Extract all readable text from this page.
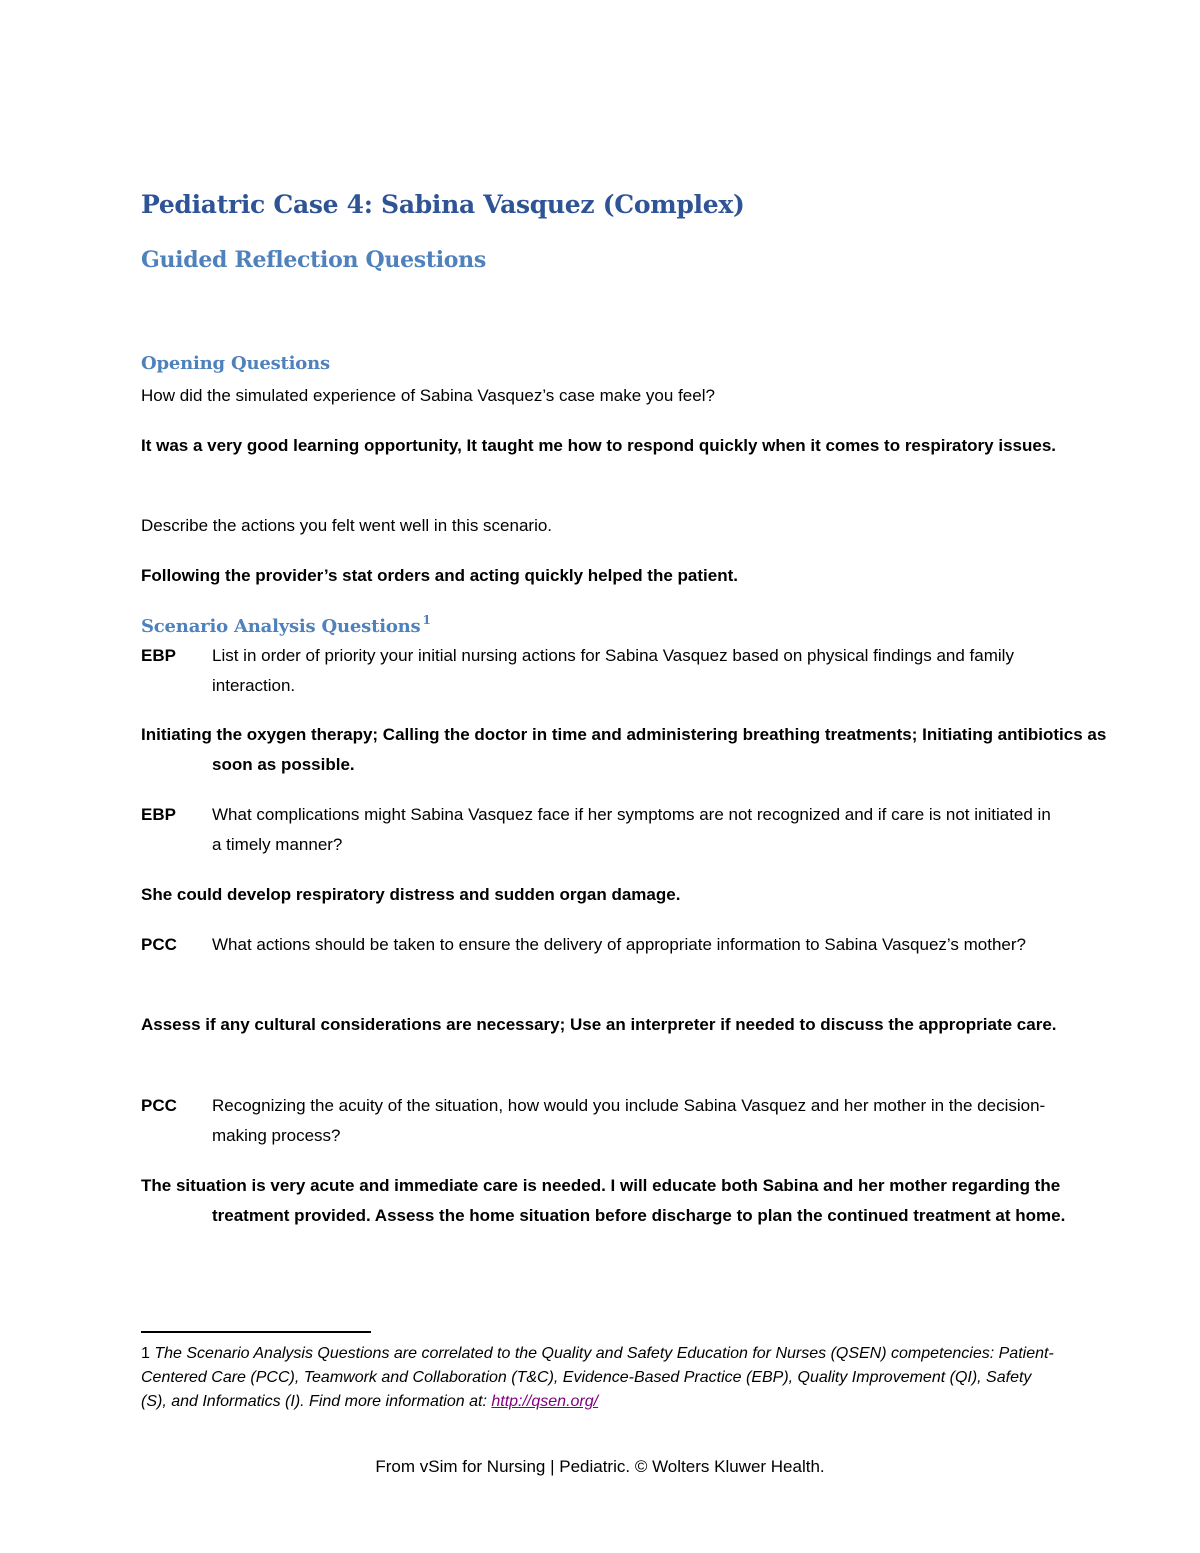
Pediatric Case 4: Sabina Vasquez (Complex)
Guided Reflection Questions
Opening Questions
How did the simulated experience of Sabina Vasquez’s case make you feel?
It was a very good learning opportunity, It taught me how to respond quickly when it comes to respiratory issues.
Describe the actions you felt went well in this scenario.
Following the provider’s stat orders and acting quickly helped the patient.
Scenario Analysis Questions $^1$
EBP List in order of priority your initial nursing actions for Sabina Vasquez based on physical findings and family interaction.
Initiating the oxygen therapy; Calling the doctor in time and administering breathing treatments; Initiating antibiotics as soon as possible.
EBP What complications might Sabina Vasquez face if her symptoms are not recognized and if care is not initiated in a timely manner?
She could develop respiratory distress and sudden organ damage.
PCC What actions should be taken to ensure the delivery of appropriate information to Sabina Vasquez’s mother?
Assess if any cultural considerations are necessary; Use an interpreter if needed to discuss the appropriate care.
PCC Recognizing the acuity of the situation, how would you include Sabina Vasquez and her mother in the decision-making process?
The situation is very acute and immediate care is needed. I will educate both Sabina and her mother regarding the treatment provided. Assess the home situation before discharge to plan the continued treatment at home.
1 The Scenario Analysis Questions are correlated to the Quality and Safety Education for Nurses (QSEN) competencies: Patient-Centered Care (PCC), Teamwork and Collaboration (T&C), Evidence-Based Practice (EBP), Quality Improvement (QI), Safety (S), and Informatics (I). Find more information at: http://qsen.org/
From vSim for Nursing | Pediatric. © Wolters Kluwer Health.
